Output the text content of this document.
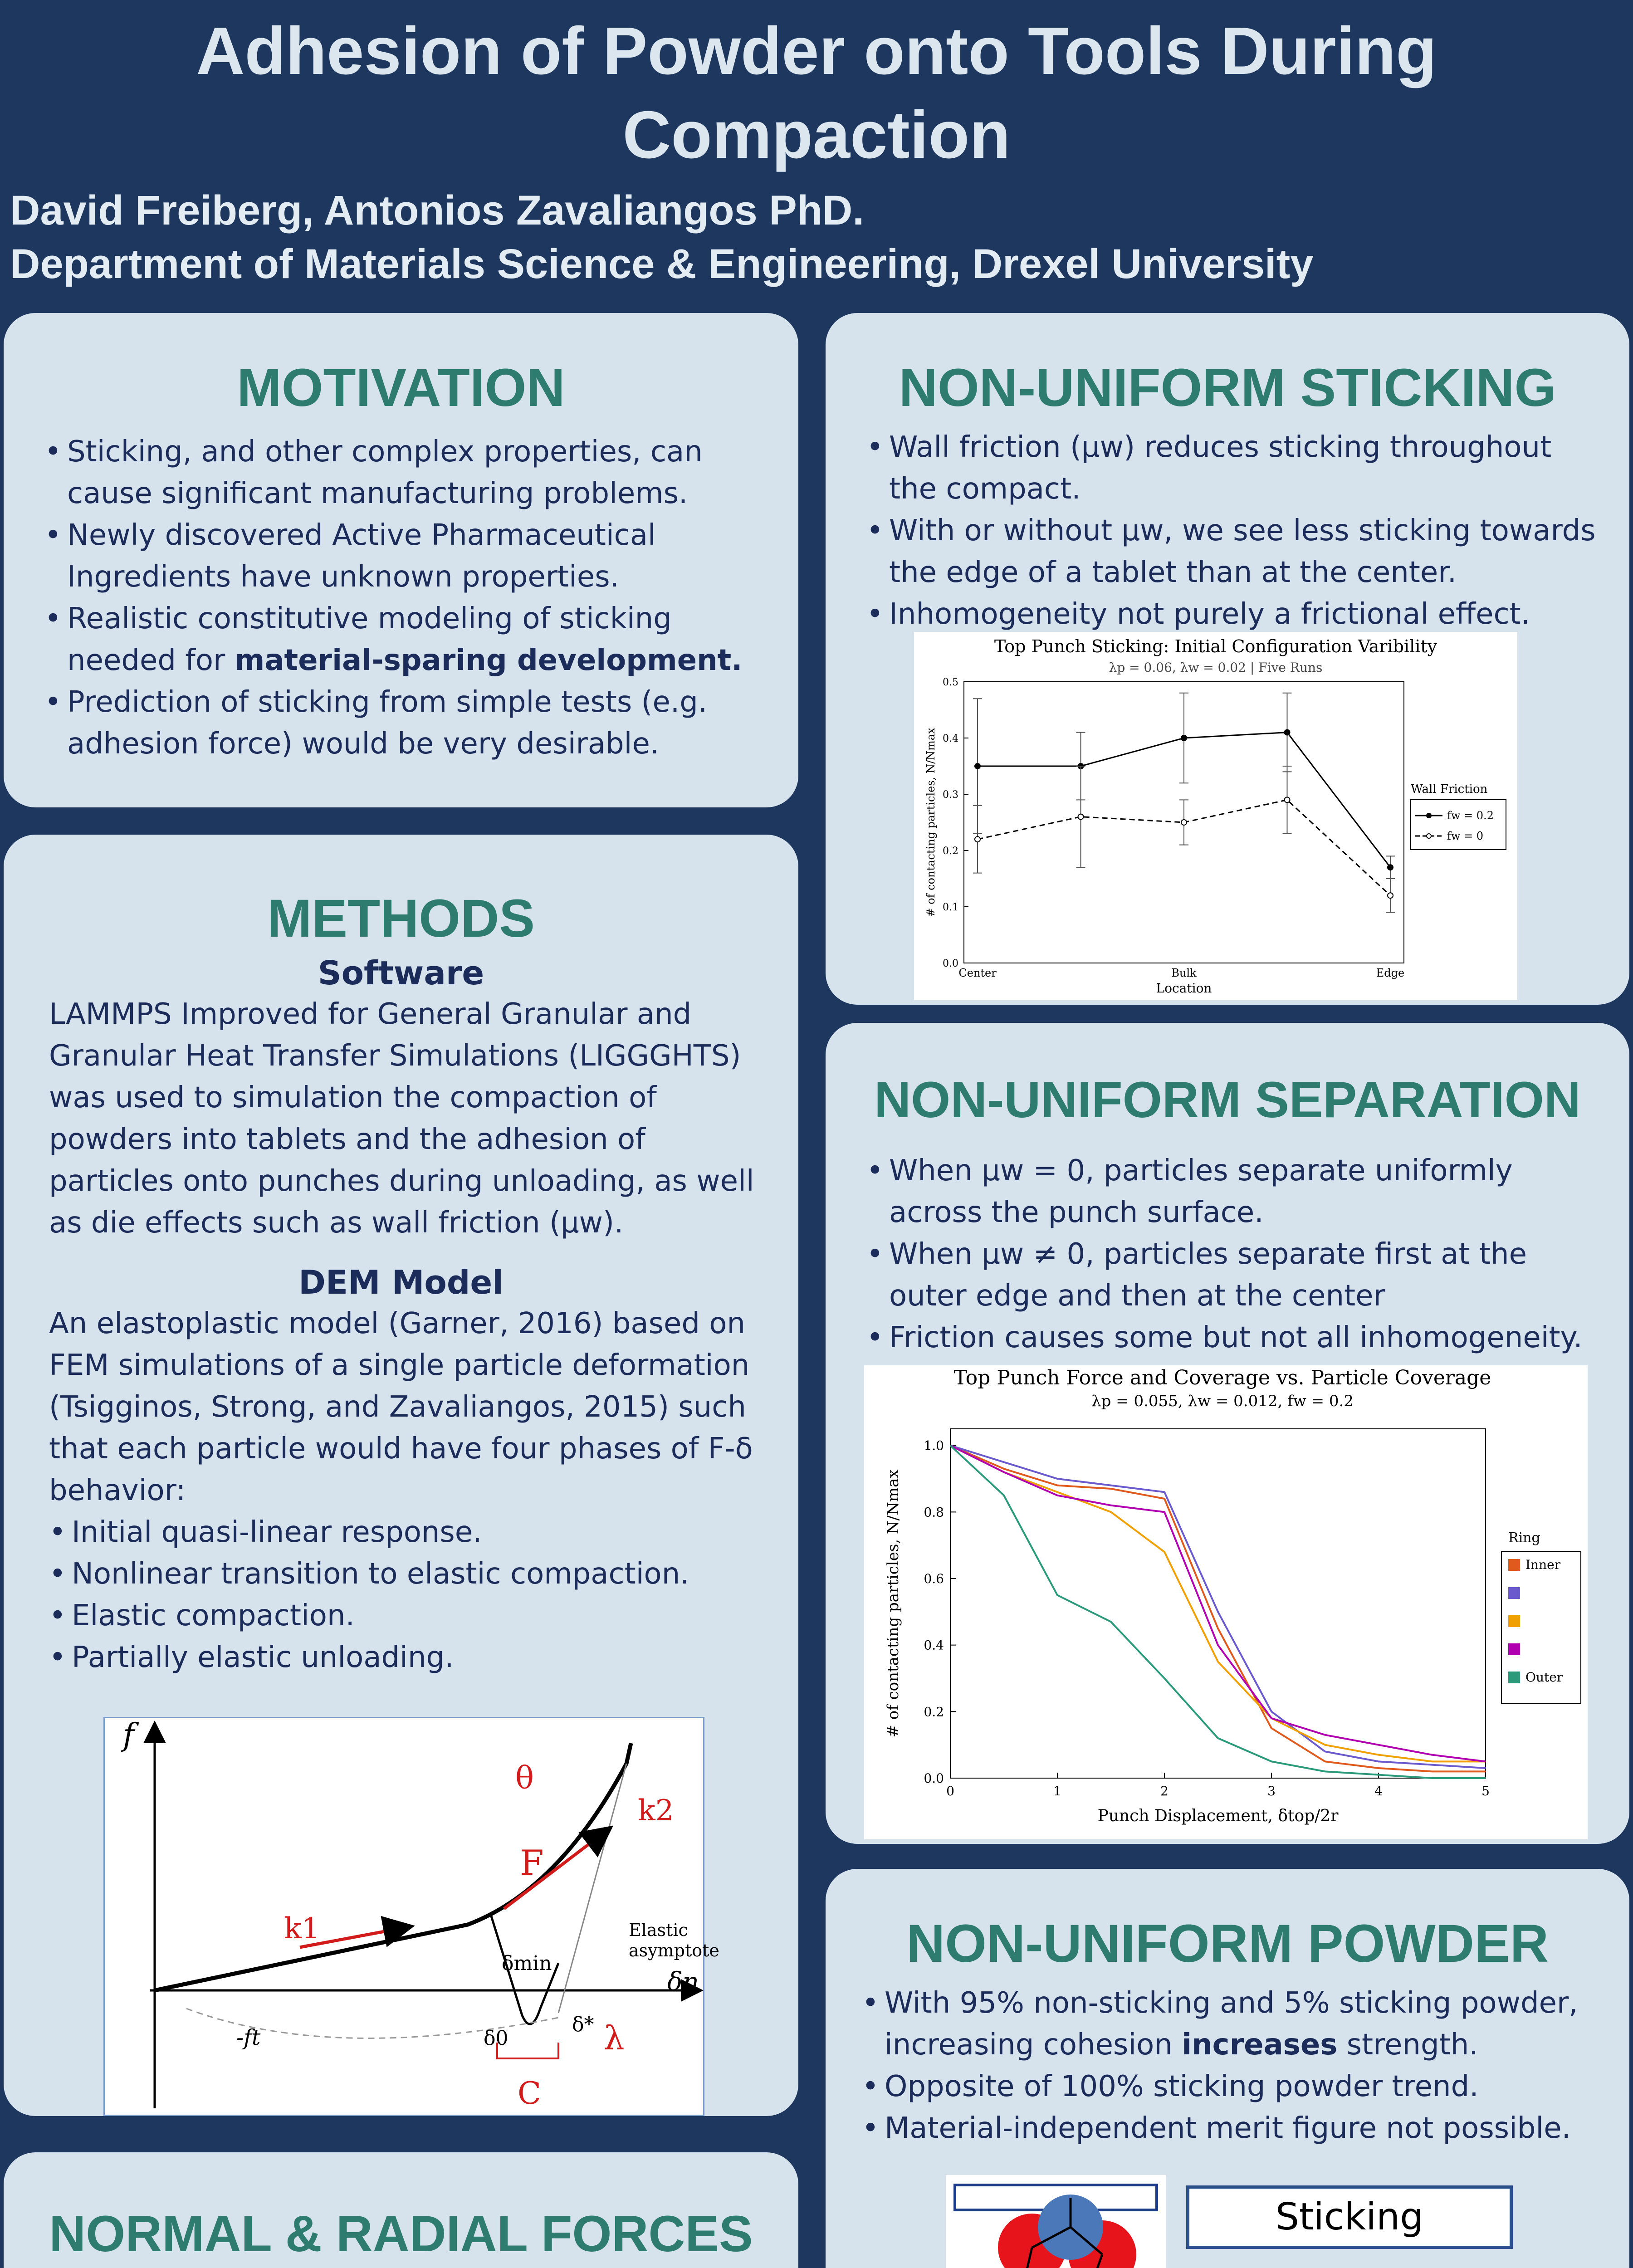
Adhesion of Powder onto Tools During
Compaction
David Freiberg, Antonios Zavaliangos PhD.
Department of Materials Science & Engineering, Drexel University
MOTIVATION
• Sticking, and other complex properties, can cause significant manufacturing problems.
• Newly discovered Active Pharmaceutical Ingredients have unknown properties.
• Realistic constitutive modeling of sticking needed for material-sparing development.
• Prediction of sticking from simple tests (e.g. adhesion force) would be very desirable.
METHODS
Software
LAMMPS Improved for General Granular and Granular Heat Transfer Simulations (LIGGGHTS) was used to simulation the compaction of powders into tablets and the adhesion of particles onto punches during unloading, as well as die effects such as wall friction (μw).
DEM Model
An elastoplastic model (Garner, 2016) based on FEM simulations of a single particle deformation (Tsigginos, Strong, and Zavaliangos, 2015) such that each particle would have four phases of F-δ behavior:
• Initial quasi-linear response.
• Nonlinear transition to elastic compaction.
• Elastic compaction.
• Partially elastic unloading.
f
θ
k2
F
k1	Elastic
asymptote
δmin
δ*
δn
-ft	δ0	λ
C
NORMAL & RADIAL FORCES
NON-UNIFORM STICKING
• Wall friction (μw) reduces sticking throughout the compact.
• With or without μw, we see less sticking towards the edge of a tablet than at the center.
• Inhomogeneity not purely a frictional effect.
Top Punch Sticking: Initial Configuration Varibility
λp = 0.06, λw = 0.02 | Five Runs
0.0
0.1
0.2
0.3
0.4
0.5
Center	Bulk	Edge
Location
# of contacting particles, N/Nmax	Wall Friction
fw = 0.2
fw = 0
NON-UNIFORM SEPARATION
• When μw = 0, particles separate uniformly across the punch surface.
• When μw ≠ 0, particles separate first at the outer edge and then at the center
• Friction causes some but not all inhomogeneity.
Top Punch Force and Coverage vs. Particle Coverage
λp = 0.055, λw = 0.012, fw = 0.2
0.0
0.2
0.4
0.6
0.8
1.0
0	1	2	3	4	5
Punch Displacement, δtop/2r
# of contacting particles, N/Nmax	Ring
Inner
Outer
NON-UNIFORM POWDER
• With 95% non-sticking and 5% sticking powder, increasing cohesion increases strength.
• Opposite of 100% sticking powder trend.
• Material-independent merit figure not possible.
Sticking
